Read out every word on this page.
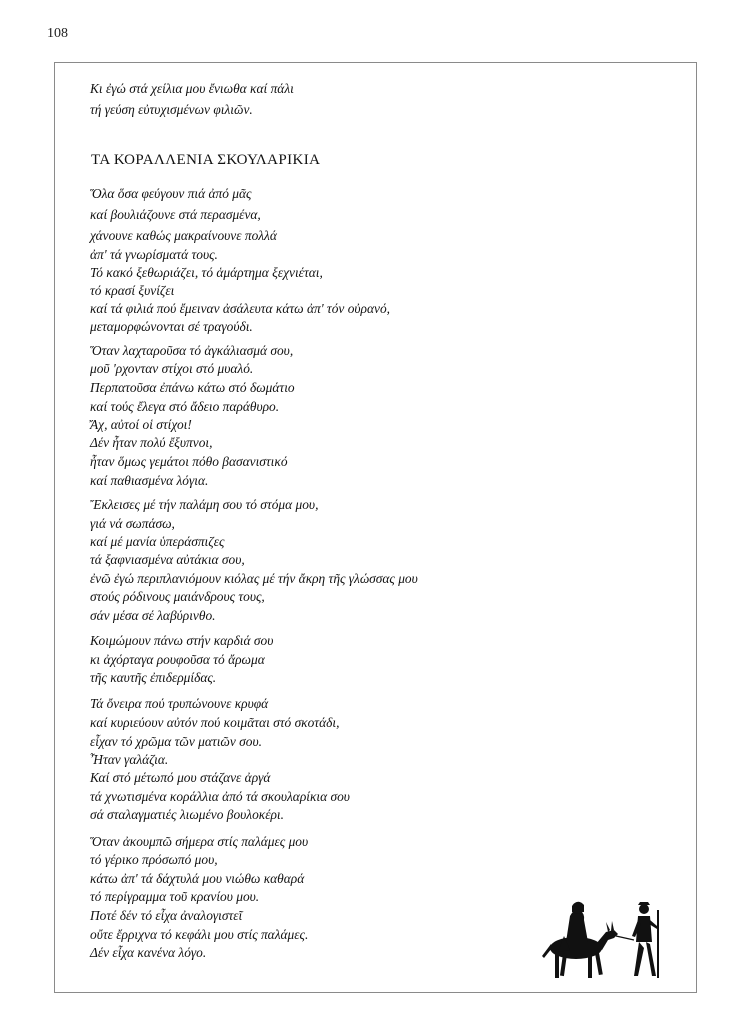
108
Κι ἐγώ στά χείλια μου ἔνιωθα καί πάλι
τή γεύση εὐτυχισμένων φιλιῶν.
ΤΑ ΚΟΡΑΛΛΕΝΙΑ ΣΚΟΥΛΑΡΙΚΙΑ
Ὅλα ὅσα φεύγουν πιά ἀπό μᾶς
καί βουλιάζουνε στά περασμένα,
χάνουνε καθώς μακραίνουνε πολλά
ἀπ' τά γνωρίσματά τους.
Τό κακό ξεθωριάζει, τό ἁμάρτημα ξεχνιέται,
τό κρασί ξυνίζει
καί τά φιλιά πού ἔμειναν ἀσάλευτα κάτω ἀπ' τόν οὐρανό,
μεταμορφώνονται σέ τραγούδι.
Ὅταν λαχταροῦσα τό ἀγκάλιασμά σου,
μοῦ 'ρχονταν στίχοι στό μυαλό.
Περπατοῦσα ἐπάνω κάτω στό δωμάτιο
καί τούς ἔλεγα στό ἄδειο παράθυρο.
Ἄχ, αὐτοί οἱ στίχοι!
Δέν ἦταν πολύ ἔξυπνοι,
ἦταν ὅμως γεμάτοι πόθο βασανιστικό
καί παθιασμένα λόγια.
Ἔκλεισες μέ τήν παλάμη σου τό στόμα μου,
γιά νά σωπάσω,
καί μέ μανία ὑπεράσπιζες
τά ξαφνιασμένα αὐτάκια σου,
ἐνῶ ἐγώ περιπλανιόμουν κιόλας μέ τήν ἄκρη τῆς γλώσσας μου
στούς ρόδινους μαιάνδρους τους,
σάν μέσα σέ λαβύρινθο.
Κοιμώμουν πάνω στήν καρδιά σου
κι ἀχόρταγα ρουφοῦσα τό ἄρωμα
τῆς καυτῆς ἐπιδερμίδας.
Τά ὄνειρα πού τρυπώνουνε κρυφά
καί κυριεύουν αὐτόν πού κοιμᾶται στό σκοτάδι,
εἶχαν τό χρῶμα τῶν ματιῶν σου.
Ἦταν γαλάζια.
Καί στό μέτωπό μου στάζανε ἀργά
τά χνωτισμένα κοράλλια ἀπό τά σκουλαρίκια σου
σά σταλαγματιές λιωμένο βουλοκέρι.
Ὅταν ἀκουμπῶ σήμερα στίς παλάμες μου
τό γέρικο πρόσωπό μου,
κάτω ἀπ' τά δάχτυλά μου νιώθω καθαρά
τό περίγραμμα τοῦ κρανίου μου.
Ποτέ δέν τό εἶχα ἀναλογιστεῖ
οὔτε ἔρριχνα τό κεφάλι μου στίς παλάμες.
Δέν εἶχα κανένα λόγο.
